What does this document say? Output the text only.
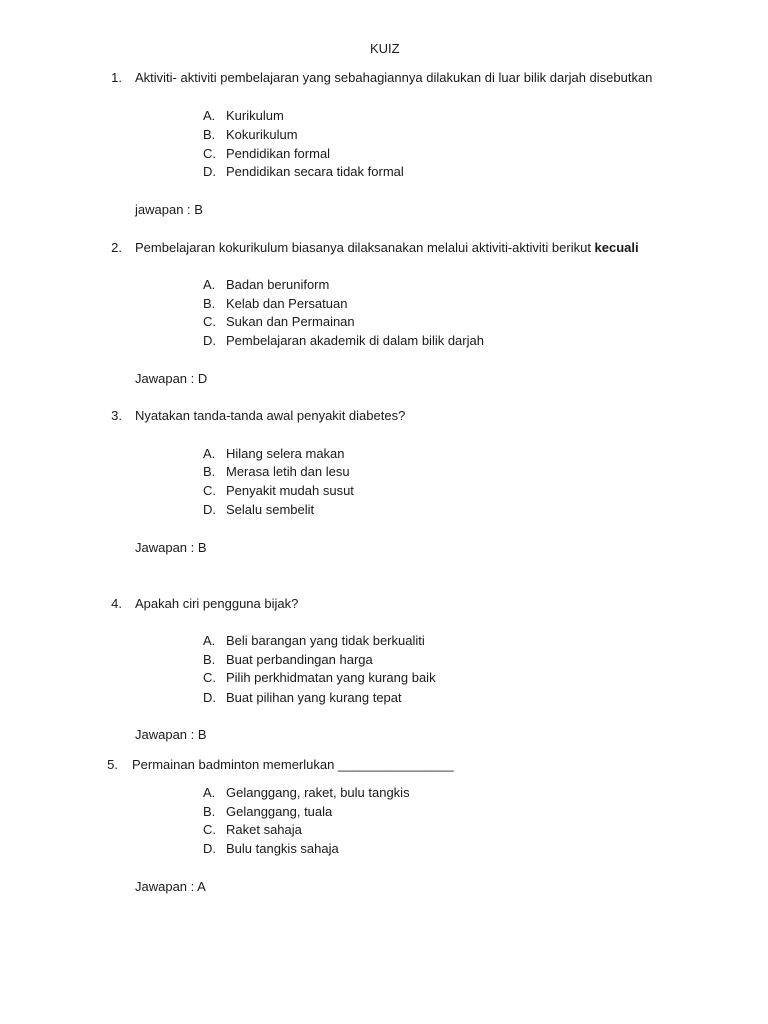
KUIZ
1. Aktiviti- aktiviti pembelajaran yang sebahagiannya dilakukan di luar bilik darjah disebutkan
A. Kurikulum
B. Kokurikulum
C. Pendidikan formal
D. Pendidikan secara tidak formal
jawapan : B
2. Pembelajaran kokurikulum biasanya dilaksanakan melalui aktiviti-aktiviti berikut kecuali
A. Badan beruniform
B. Kelab dan Persatuan
C. Sukan dan Permainan
D. Pembelajaran akademik di dalam bilik darjah
Jawapan : D
3. Nyatakan tanda-tanda awal penyakit diabetes?
A. Hilang selera makan
B. Merasa letih dan lesu
C. Penyakit mudah susut
D. Selalu sembelit
Jawapan : B
4. Apakah ciri pengguna bijak?
A. Beli barangan yang tidak berkualiti
B. Buat perbandingan harga
C. Pilih perkhidmatan yang kurang baik
D. Buat pilihan yang kurang tepat
Jawapan : B
5. Permainan badminton memerlukan ________________
A. Gelanggang, raket, bulu tangkis
B. Gelanggang, tuala
C. Raket sahaja
D. Bulu tangkis sahaja
Jawapan : A
